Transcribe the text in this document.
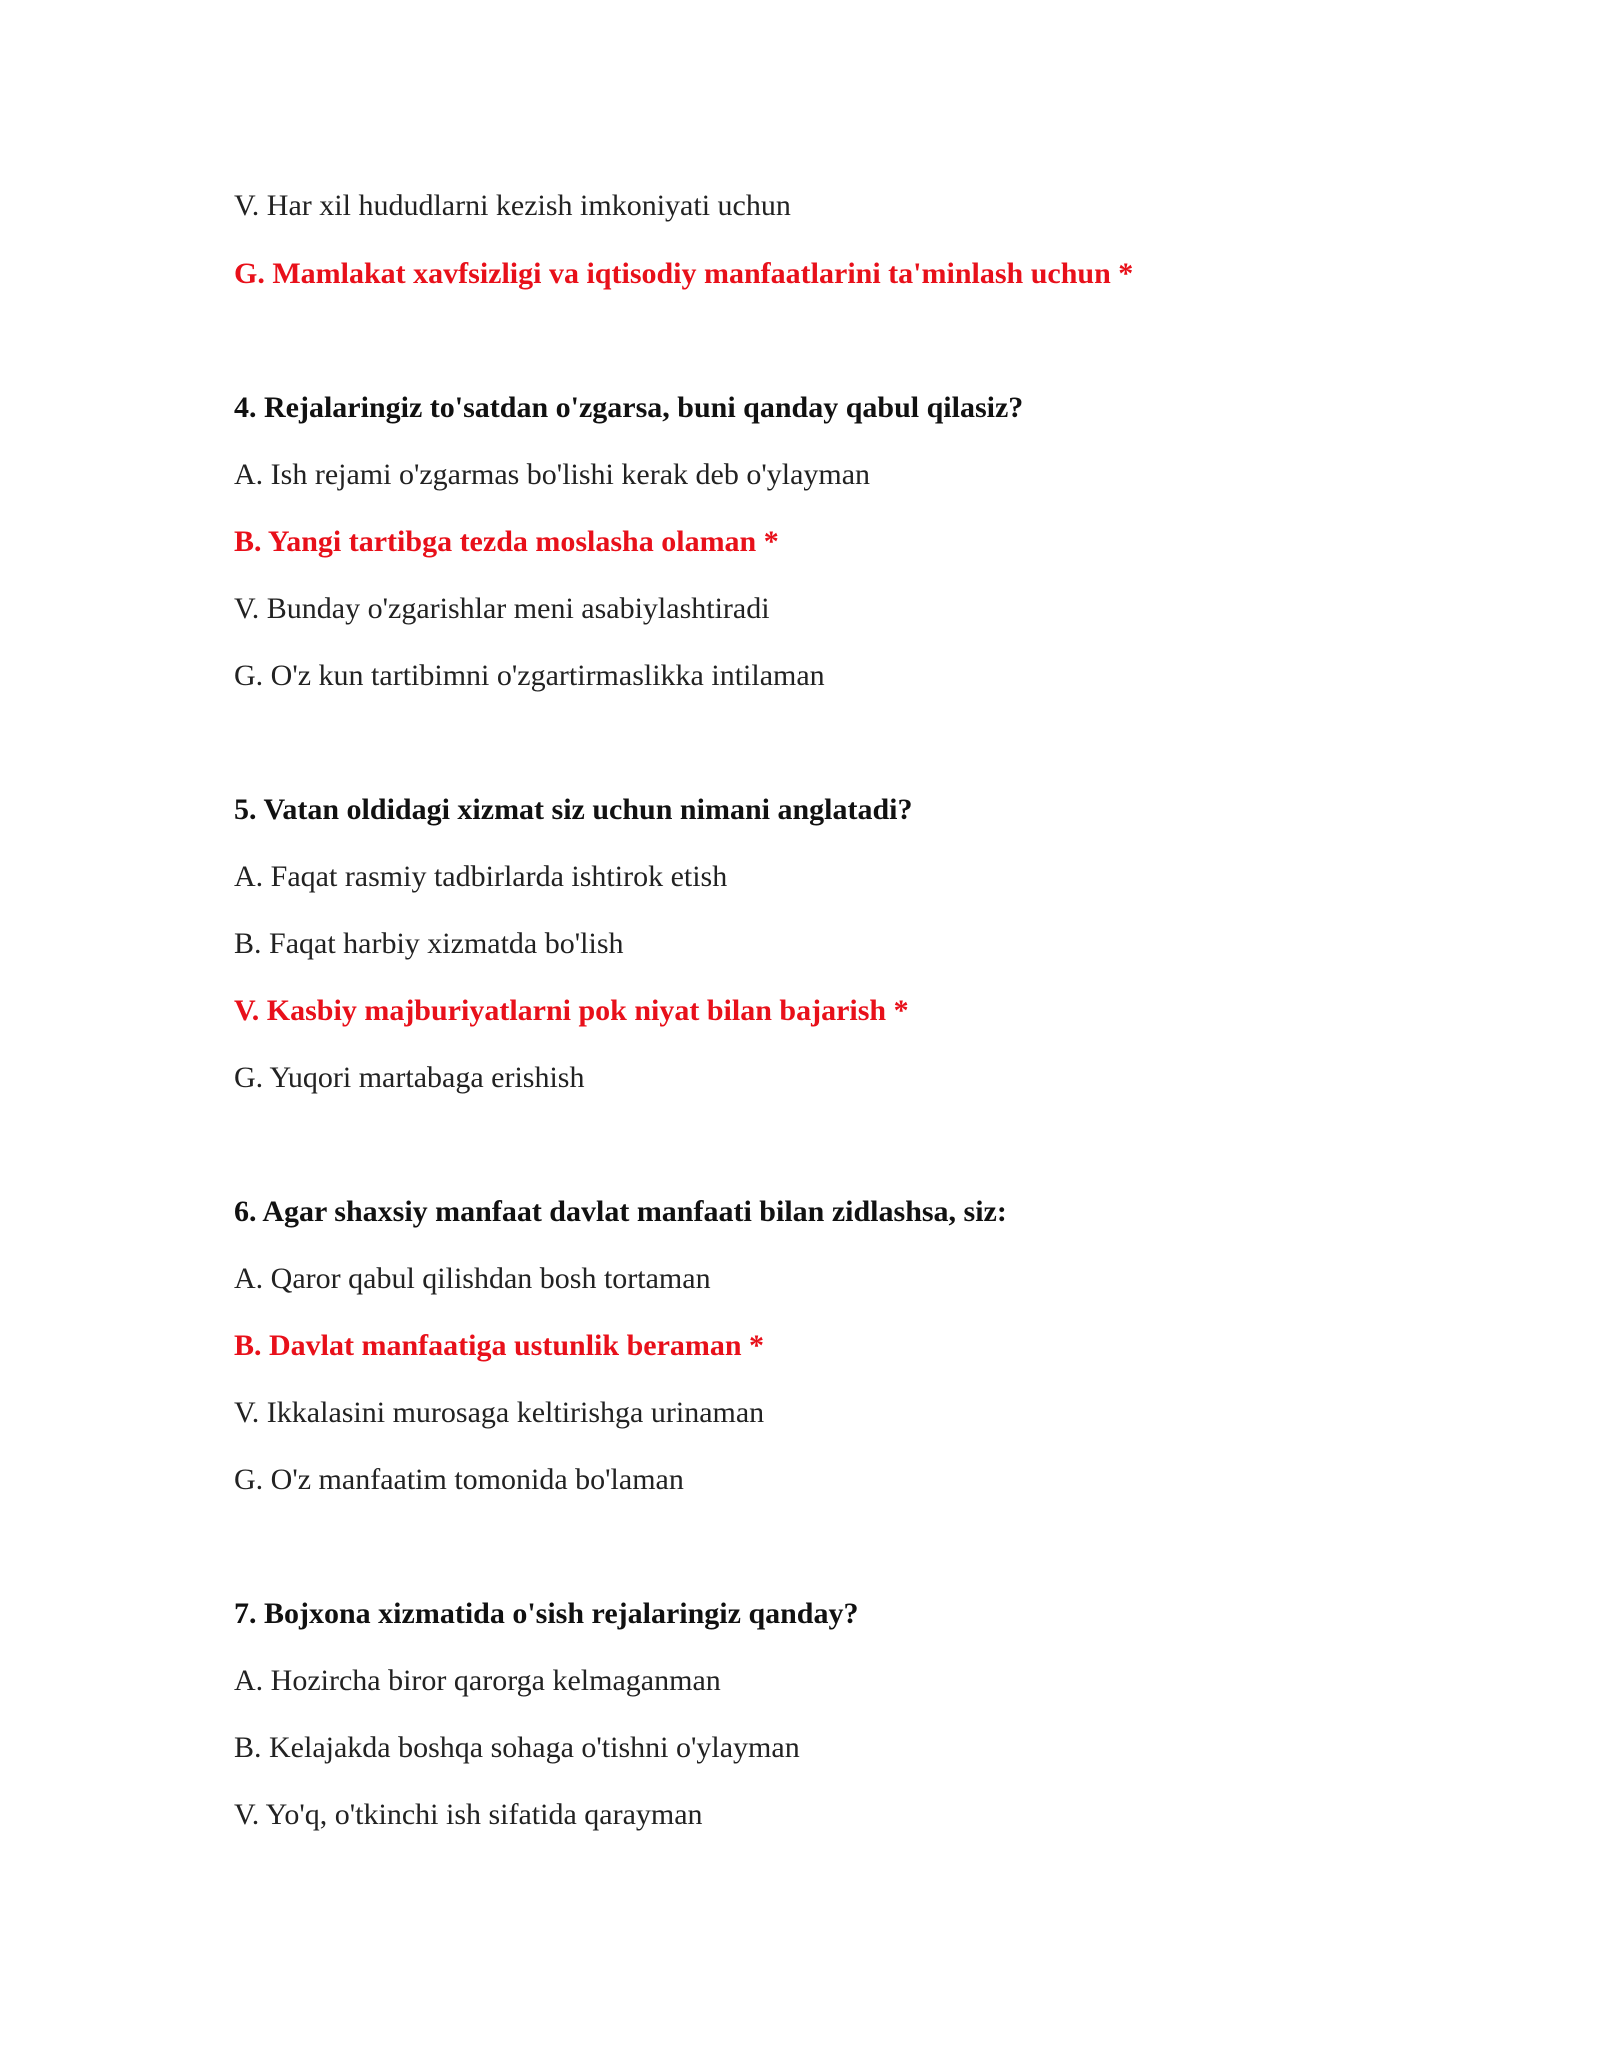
V. Har xil hududlarni kezish imkoniyati uchun
G. Mamlakat xavfsizligi va iqtisodiy manfaatlarini ta'minlash uchun *
4. Rejalaringiz to'satdan o'zgarsa, buni qanday qabul qilasiz?
A. Ish rejami o'zgarmas bo'lishi kerak deb o'ylayman
B. Yangi tartibga tezda moslasha olaman *
V. Bunday o'zgarishlar meni asabiylashtiradi
G. O'z kun tartibimni o'zgartirmaslikka intilaman
5. Vatan oldidagi xizmat siz uchun nimani anglatadi?
A. Faqat rasmiy tadbirlarda ishtirok etish
B. Faqat harbiy xizmatda bo'lish
V. Kasbiy majburiyatlarni pok niyat bilan bajarish *
G. Yuqori martabaga erishish
6. Agar shaxsiy manfaat davlat manfaati bilan zidlashsa, siz:
A. Qaror qabul qilishdan bosh tortaman
B. Davlat manfaatiga ustunlik beraman *
V. Ikkalasini murosaga keltirishga urinaman
G. O'z manfaatim tomonida bo'laman
7. Bojxona xizmatida o'sish rejalaringiz qanday?
A. Hozircha biror qarorga kelmaganman
B. Kelajakda boshqa sohaga o'tishni o'ylayman
V. Yo'q, o'tkinchi ish sifatida qarayman
